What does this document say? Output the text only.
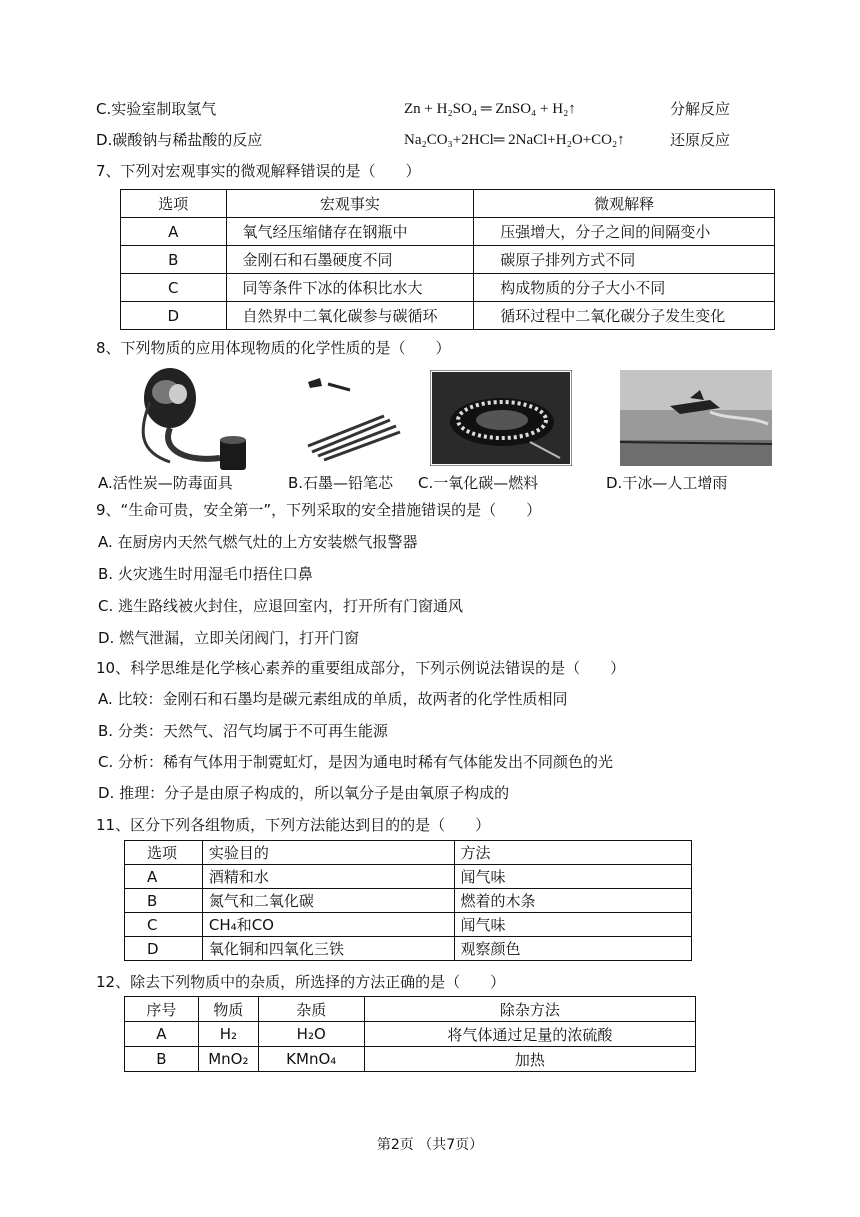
C.实验室制取氢气	Zn + H₂SO₄ ═ ZnSO₄ + H₂↑	分解反应
D.碳酸钠与稀盐酸的反应	Na₂CO₃+2HCl═ 2NaCl+H₂O+CO₂↑	还原反应
7、下列对宏观事实的微观解释错误的是（　　）
选项	宏观事实	微观解释
A	氧气经压缩储存在钢瓶中	压强增大，分子之间的间隔变小
B	金刚石和石墨硬度不同	碳原子排列方式不同
C	同等条件下冰的体积比水大	构成物质的分子大小不同
D	自然界中二氧化碳参与碳循环	循环过程中二氧化碳分子发生变化
8、下列物质的应用体现物质的化学性质的是（　　）
A.活性炭—防毒面具	B.石墨—铅笔芯 C.一氧化碳—燃料	D.干冰—人工增雨
9、“生命可贵，安全第一”，下列采取的安全措施错误的是（　　）
A. 在厨房内天然气燃气灶的上方安装燃气报警器
B. 火灾逃生时用湿毛巾捂住口鼻
C. 逃生路线被火封住，应退回室内，打开所有门窗通风
D. 燃气泄漏，立即关闭阀门，打开门窗
10、科学思维是化学核心素养的重要组成部分，下列示例说法错误的是（　　）
A. 比较：金刚石和石墨均是碳元素组成的单质，故两者的化学性质相同
B. 分类：天然气、沼气均属于不可再生能源
C. 分析：稀有气体用于制霓虹灯，是因为通电时稀有气体能发出不同颜色的光
D. 推理：分子是由原子构成的，所以氧分子是由氧原子构成的
11、区分下列各组物质，下列方法能达到目的的是（　　）
选项	实验目的	方法
A	酒精和水	闻气味
B	氮气和二氧化碳	燃着的木条
C	CH₄和CO	闻气味
D	氧化铜和四氧化三铁	观察颜色
12、除去下列物质中的杂质，所选择的方法正确的是（　　）
序号	物质	杂质	除杂方法
A	H₂	H₂O	将气体通过足量的浓硫酸
B	MnO₂	KMnO₄	加热
第2页 （共7页）
